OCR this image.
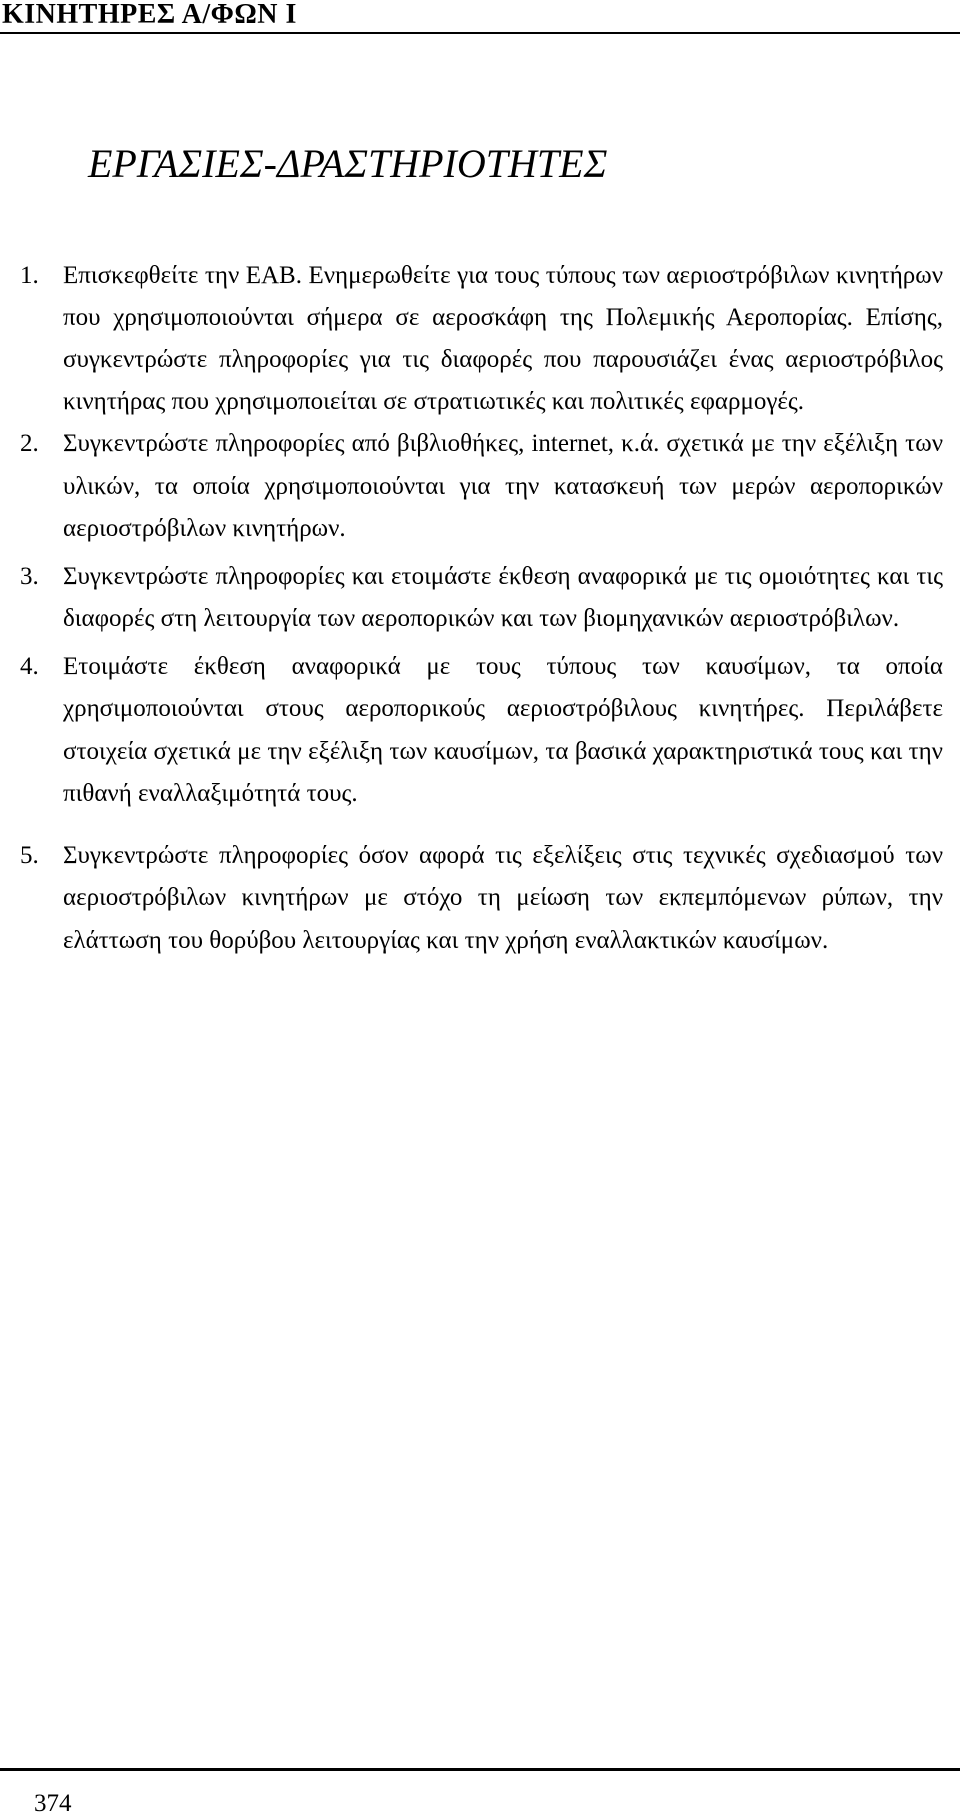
ΚΙΝΗΤΗΡΕΣ Α/ΦΩΝ Ι
ΕΡΓΑΣΙΕΣ-ΔΡΑΣΤΗΡΙΟΤΗΤΕΣ
1. Επισκεφθείτε την ΕΑΒ. Ενημερωθείτε για τους τύπους των αεριοστρόβιλων κινητήρων που χρησιμοποιούνται σήμερα σε αεροσκάφη της Πολεμικής Αεροπορίας. Επίσης, συγκεντρώστε πληροφορίες για τις διαφορές που παρουσιάζει ένας αεριοστρόβιλος κινητήρας που χρησιμοποιείται σε στρατιωτικές και πολιτικές εφαρμογές.
2. Συγκεντρώστε πληροφορίες από βιβλιοθήκες, internet, κ.ά. σχετικά με την εξέλιξη των υλικών, τα οποία χρησιμοποιούνται για την κατασκευή των μερών αεροπορικών αεριοστρόβιλων κινητήρων.
3. Συγκεντρώστε πληροφορίες και ετοιμάστε έκθεση αναφορικά με τις ομοιότητες και τις διαφορές στη λειτουργία των αεροπορικών και των βιομηχανικών αεριοστρόβιλων.
4. Ετοιμάστε έκθεση αναφορικά με τους τύπους των καυσίμων, τα οποία χρησιμοποιούνται στους αεροπορικούς αεριοστρόβιλους κινητήρες. Περιλάβετε στοιχεία σχετικά με την εξέλιξη των καυσίμων, τα βασικά χαρακτηριστικά τους και την πιθανή εναλλαξιμότητά τους.
5. Συγκεντρώστε πληροφορίες όσον αφορά τις εξελίξεις στις τεχνικές σχεδιασμού των αεριοστρόβιλων κινητήρων με στόχο τη μείωση των εκπεμπόμενων ρύπων, την ελάττωση του θορύβου λειτουργίας και την χρήση εναλλακτικών καυσίμων.
374
